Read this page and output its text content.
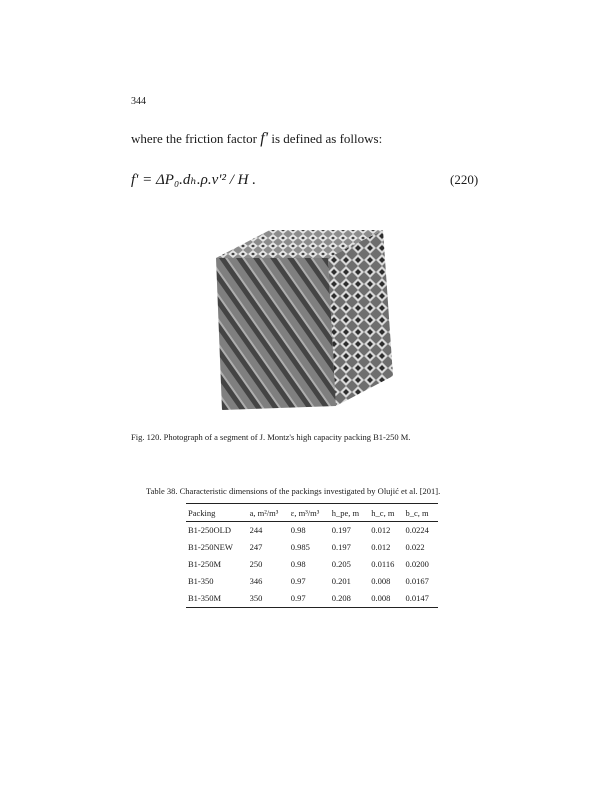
344
where the friction factor f' is defined as follows:
f' = ΔP₀.dₕ.ρ.v'² / H .	(220)
Fig. 120. Photograph of a segment of J. Montz's high capacity packing B1-250 M.
Table 38. Characteristic dimensions of the packings investigated by Olujić et al. [201].
Packing	a, m²/m³	ε, m³/m³	h_pe, m	h_c, m	b_c, m
B1-250OLD	244	0.98	0.197	0.012	0.0224
B1-250NEW	247	0.985	0.197	0.012	0.022
B1-250M	250	0.98	0.205	0.0116	0.0200
B1-350	346	0.97	0.201	0.008	0.0167
B1-350M	350	0.97	0.208	0.008	0.0147
